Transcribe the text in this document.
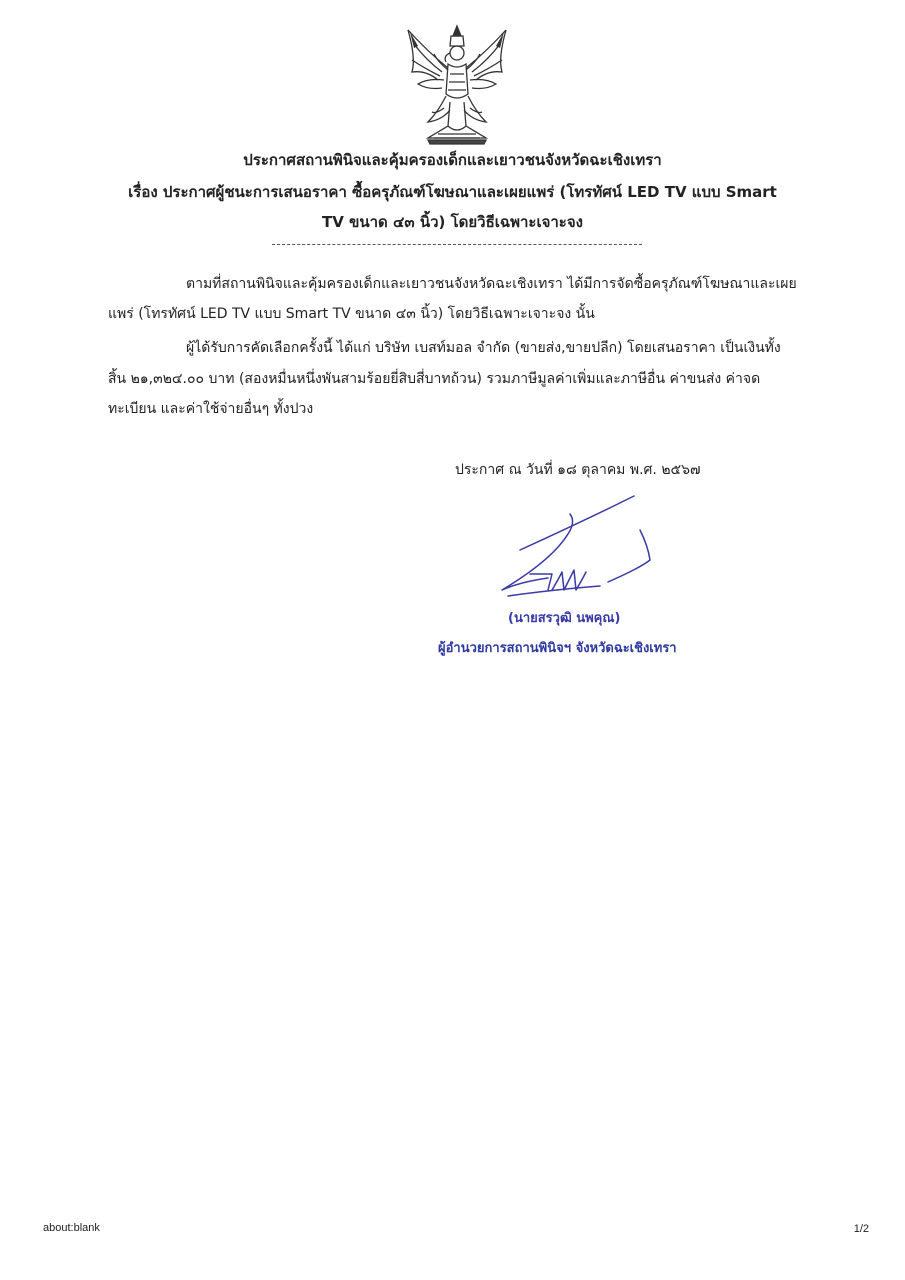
ประกาศสถานพินิจและคุ้มครองเด็กและเยาวชนจังหวัดฉะเชิงเทรา
เรื่อง ประกาศผู้ชนะการเสนอราคา ซื้อครุภัณฑ์โฆษณาและเผยแพร่ (โทรทัศน์ LED TV แบบ Smart
TV ขนาด ๔๓ นิ้ว) โดยวิธีเฉพาะเจาะจง
ตามที่สถานพินิจและคุ้มครองเด็กและเยาวชนจังหวัดฉะเชิงเทรา ได้มีการจัดซื้อครุภัณฑ์โฆษณาและเผย
แพร่ (โทรทัศน์ LED TV แบบ Smart TV ขนาด ๔๓ นิ้ว) โดยวิธีเฉพาะเจาะจง นั้น
ผู้ได้รับการคัดเลือกครั้งนี้ ได้แก่ บริษัท เบสท์มอล จำกัด (ขายส่ง,ขายปลีก) โดยเสนอราคา เป็นเงินทั้ง
สิ้น ๒๑,๓๒๔.๐๐ บาท (สองหมื่นหนึ่งพันสามร้อยยี่สิบสี่บาทถ้วน) รวมภาษีมูลค่าเพิ่มและภาษีอื่น ค่าขนส่ง ค่าจด
ทะเบียน และค่าใช้จ่ายอื่นๆ ทั้งปวง
ประกาศ ณ วันที่ ๑๘ ตุลาคม พ.ศ. ๒๕๖๗
(นายสรวุฒิ นพคุณ)
ผู้อำนวยการสถานพินิจฯ จังหวัดฉะเชิงเทรา
about:blank	1/2
